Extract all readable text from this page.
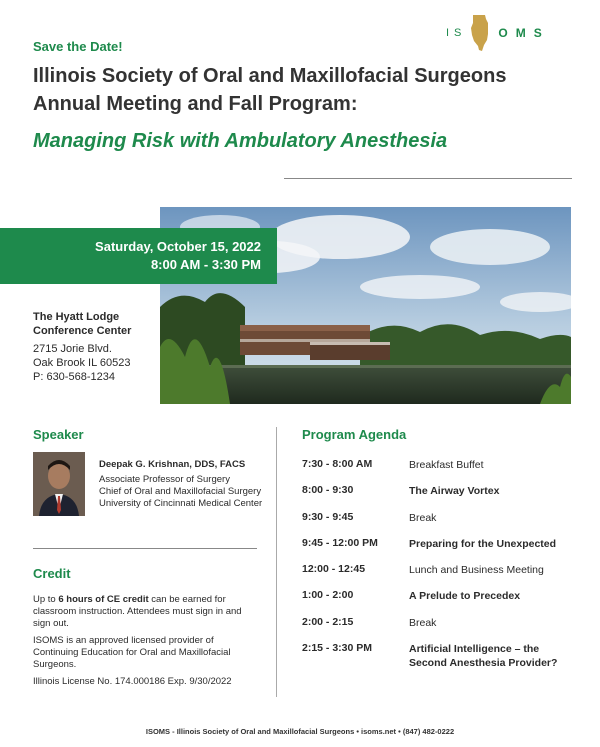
IS	OMS
Save the Date!
Illinois Society of Oral and Maxillofacial Surgeons Annual Meeting and Fall Program:
Managing Risk with Ambulatory Anesthesia
Saturday, October 15, 2022
8:00 AM - 3:30 PM
The Hyatt Lodge
Conference Center
2715 Jorie Blvd.
Oak Brook IL 60523
P: 630-568-1234
Speaker
Deepak G. Krishnan, DDS, FACS
Associate Professor of Surgery
Chief of Oral and Maxillofacial Surgery
University of Cincinnati Medical Center
Credit

Up to 6 hours of CE credit can be earned for classroom instruction. Attendees must sign in and sign out.

ISOMS is an approved licensed provider of Continuing Education for Oral and Maxillofacial Surgeons.

Illinois License No. 174.000186 Exp. 9/30/2022

Program Agenda
7:30 - 8:00 AM	Breakfast Buffet
8:00 - 9:30	The Airway Vortex
9:30 - 9:45	Break
9:45 - 12:00 PM	Preparing for the Unexpected
12:00 - 12:45	Lunch and Business Meeting
1:00 - 2:00	A Prelude to Precedex
2:00 - 2:15	Break
2:15 - 3:30 PM	Artificial Intelligence – the Second Anesthesia Provider?
ISOMS - Illinois Society of Oral and Maxillofacial Surgeons • isoms.net • (847) 482-0222
